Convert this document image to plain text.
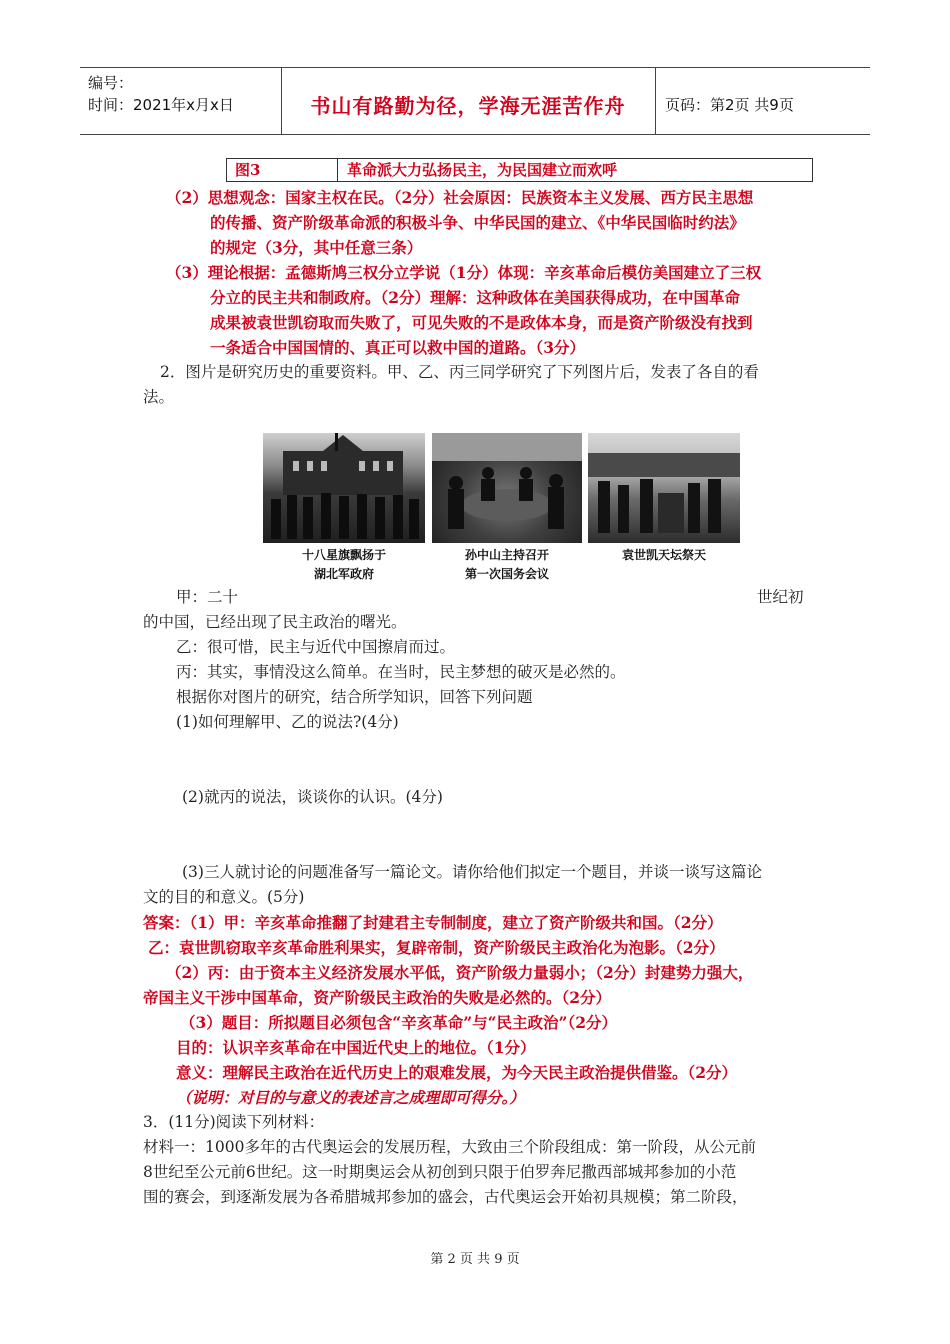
编号：
时间：2021年x月x日	书山有路勤为径，学海无涯苦作舟	页码：第2页 共9页
图3	革命派大力弘扬民主，为民国建立而欢呼
（2）思想观念：国家主权在民。（2分）社会原因：民族资本主义发展、西方民主思想
的传播、资产阶级革命派的积极斗争、中华民国的建立、《中华民国临时约法》
的规定（3分，其中任意三条）
（3）理论根据：孟德斯鸠三权分立学说（1分）体现：辛亥革命后模仿美国建立了三权
分立的民主共和制政府。（2分）理解：这种政体在美国获得成功，在中国革命
成果被袁世凯窃取而失败了，可见失败的不是政体本身，而是资产阶级没有找到
一条适合中国国情的、真正可以救中国的道路。（3分）
2．图片是研究历史的重要资料。甲、乙、丙三同学研究了下列图片后，发表了各自的看
法。
十八星旗飘扬于
湖北军政府
孙中山主持召开
第一次国务会议
袁世凯天坛祭天
甲：二十	世纪初
的中国，已经出现了民主政治的曙光。
乙：很可惜，民主与近代中国擦肩而过。
丙：其实，事情没这么简单。在当时，民主梦想的破灭是必然的。
根据你对图片的研究，结合所学知识，回答下列问题
(1)如何理解甲、乙的说法?(4分)
(2)就丙的说法，谈谈你的认识。(4分)
(3)三人就讨论的问题准备写一篇论文。请你给他们拟定一个题目，并谈一谈写这篇论
文的目的和意义。(5分)
答案：（1）甲：辛亥革命推翻了封建君主专制制度，建立了资产阶级共和国。（2分）
乙：袁世凯窃取辛亥革命胜利果实，复辟帝制，资产阶级民主政治化为泡影。（2分）
（2）丙：由于资本主义经济发展水平低，资产阶级力量弱小；（2分）封建势力强大，
帝国主义干涉中国革命，资产阶级民主政治的失败是必然的。（2分）
（3）题目：所拟题目必须包含“辛亥革命”与“民主政治”（2分）
目的：认识辛亥革命在中国近代史上的地位。（1分）
意义：理解民主政治在近代历史上的艰难发展，为今天民主政治提供借鉴。（2分）
（说明：对目的与意义的表述言之成理即可得分。）
3．(11分)阅读下列材料：
材料一：1000多年的古代奥运会的发展历程，大致由三个阶段组成：第一阶段，从公元前
8世纪至公元前6世纪。这一时期奥运会从初创到只限于伯罗奔尼撒西部城邦参加的小范
围的赛会，到逐渐发展为各希腊城邦参加的盛会，古代奥运会开始初具规模；第二阶段，
第 2 页 共 9 页
